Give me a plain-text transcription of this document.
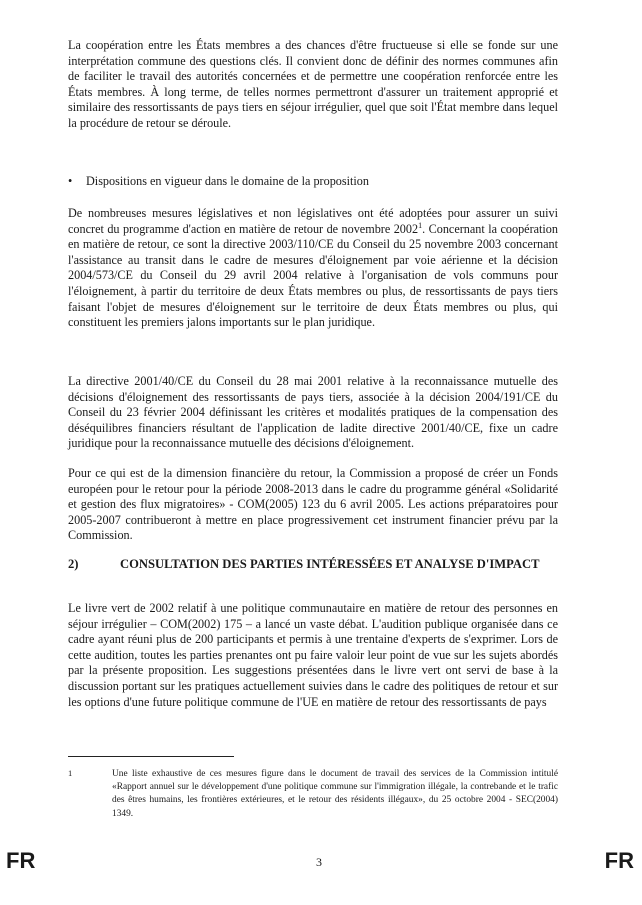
La coopération entre les États membres a des chances d'être fructueuse si elle se fonde sur une interprétation commune des questions clés. Il convient donc de définir des normes communes afin de faciliter le travail des autorités concernées et de permettre une coopération renforcée entre les États membres. À long terme, de telles normes permettront d'assurer un traitement approprié et similaire des ressortissants de pays tiers en séjour irrégulier, quel que soit l'État membre dans lequel la procédure de retour se déroule.

• Dispositions en vigueur dans le domaine de la proposition

De nombreuses mesures législatives et non législatives ont été adoptées pour assurer un suivi concret du programme d'action en matière de retour de novembre 2002$^1$. Concernant la coopération en matière de retour, ce sont la directive 2003/110/CE du Conseil du 25 novembre 2003 concernant l'assistance au transit dans le cadre de mesures d'éloignement par voie aérienne et la décision 2004/573/CE du Conseil du 29 avril 2004 relative à l'organisation de vols communs pour l'éloignement, à partir du territoire de deux États membres ou plus, de ressortissants de pays tiers faisant l'objet de mesures d'éloignement sur le territoire de deux États membres ou plus, qui constituent les premiers jalons importants sur le plan juridique.

La directive 2001/40/CE du Conseil du 28 mai 2001 relative à la reconnaissance mutuelle des décisions d'éloignement des ressortissants de pays tiers, associée à la décision 2004/191/CE du Conseil du 23 février 2004 définissant les critères et modalités pratiques de la compensation des déséquilibres financiers résultant de l'application de ladite directive 2001/40/CE, fixe un cadre juridique pour la reconnaissance mutuelle des décisions d'éloignement.

Pour ce qui est de la dimension financière du retour, la Commission a proposé de créer un Fonds européen pour le retour pour la période 2008-2013 dans le cadre du programme général «Solidarité et gestion des flux migratoires» - COM(2005) 123 du 6 avril 2005. Les actions préparatoires pour 2005-2007 contribueront à mettre en place progressivement cet instrument financier prévu par la Commission.

2)	CONSULTATION DES PARTIES INTÉRESSÉES ET ANALYSE D'IMPACT

Le livre vert de 2002 relatif à une politique communautaire en matière de retour des personnes en séjour irrégulier – COM(2002) 175 – a lancé un vaste débat. L'audition publique organisée dans ce cadre ayant réuni plus de 200 participants et permis à une trentaine d'experts de s'exprimer. Lors de cette audition, toutes les parties prenantes ont pu faire valoir leur point de vue sur les sujets abordés par la présente proposition. Les suggestions présentées dans le livre vert ont servi de base à la discussion portant sur les pratiques actuellement suivies dans le cadre des politiques de retour et sur les options d'une future politique commune de l'UE en matière de retour des ressortissants de pays

1	Une liste exhaustive de ces mesures figure dans le document de travail des services de la Commission intitulé «Rapport annuel sur le développement d'une politique commune sur l'immigration illégale, la contrebande et le trafic des êtres humains, les frontières extérieures, et le retour des résidents illégaux», du 25 octobre 2004 - SEC(2004) 1349.

FR	3	FR
